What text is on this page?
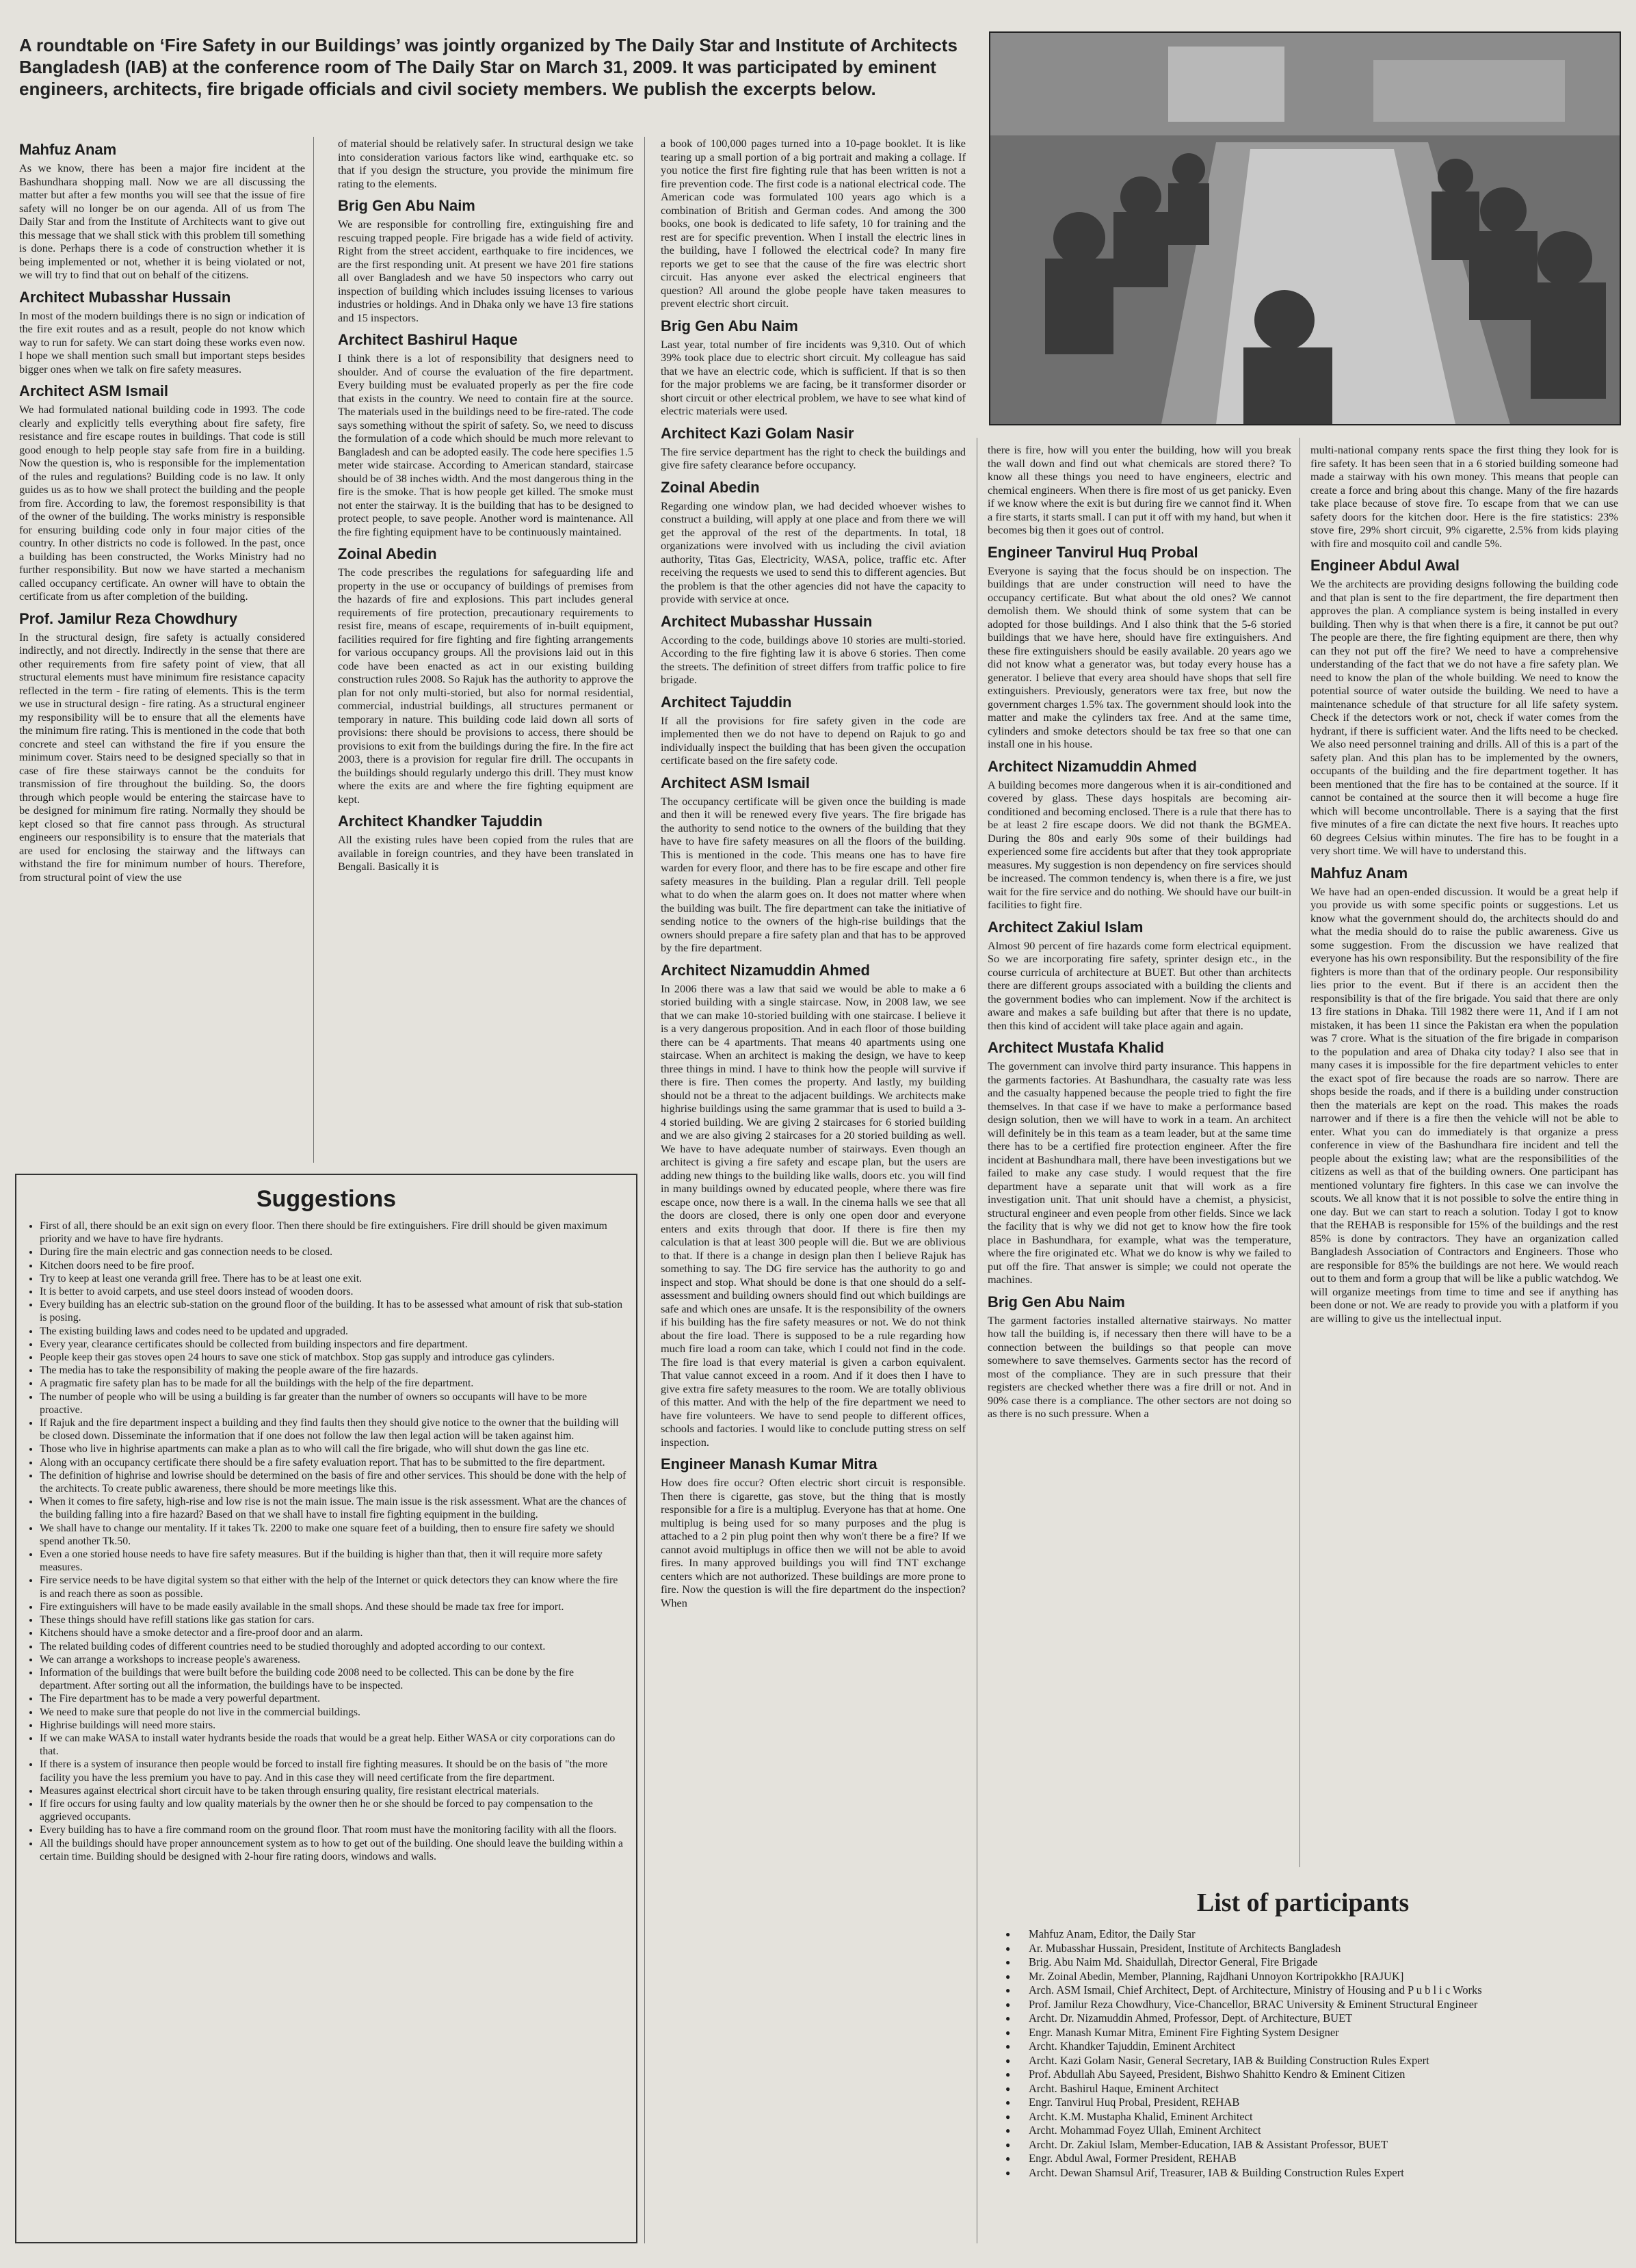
A roundtable on ‘Fire Safety in our Buildings’ was jointly organized by The Daily Star and Institute of Architects Bangladesh (IAB) at the conference room of The Daily Star on March 31, 2009. It was participated by eminent engineers, architects, fire brigade officials and civil society members. We publish the excerpts below.
Mahfuz Anam

As we know, there has been a major fire incident at the Bashundhara shopping mall. Now we are all discussing the matter but after a few months you will see that the issue of fire safety will no longer be on our agenda. All of us from The Daily Star and from the Institute of Architects want to give out this message that we shall stick with this problem till something is done. Perhaps there is a code of construction whether it is being implemented or not, whether it is being violated or not, we will try to find that out on behalf of the citizens.

Architect Mubasshar Hussain

In most of the modern buildings there is no sign or indication of the fire exit routes and as a result, people do not know which way to run for safety. We can start doing these works even now. I hope we shall mention such small but important steps besides bigger ones when we talk on fire safety measures.

Architect ASM Ismail

We had formulated national building code in 1993. The code clearly and explicitly tells everything about fire safety, fire resistance and fire escape routes in buildings. That code is still good enough to help people stay safe from fire in a building. Now the question is, who is responsible for the implementation of the rules and regulations? Building code is no law. It only guides us as to how we shall protect the building and the people from fire. According to law, the foremost responsibility is that of the owner of the building. The works ministry is responsible for ensuring building code only in four major cities of the country. In other districts no code is followed. In the past, once a building has been constructed, the Works Ministry had no further responsibility. But now we have started a mechanism called occupancy certificate. An owner will have to obtain the certificate from us after completion of the building.

Prof. Jamilur Reza Chowdhury

In the structural design, fire safety is actually considered indirectly, and not directly. Indirectly in the sense that there are other requirements from fire safety point of view, that all structural elements must have minimum fire resistance capacity reflected in the term - fire rating of elements. This is the term we use in structural design - fire rating. As a structural engineer my responsibility will be to ensure that all the elements have the minimum fire rating. This is mentioned in the code that both concrete and steel can withstand the fire if you ensure the minimum cover. Stairs need to be designed specially so that in case of fire these stairways cannot be the conduits for transmission of fire throughout the building. So, the doors through which people would be entering the staircase have to be designed for minimum fire rating. Normally they should be kept closed so that fire cannot pass through. As structural engineers our responsibility is to ensure that the materials that are used for enclosing the stairway and the liftways can withstand the fire for minimum number of hours. Therefore, from structural point of view the use

of material should be relatively safer. In structural design we take into consideration various factors like wind, earthquake etc. so that if you design the structure, you provide the minimum fire rating to the elements.

Brig Gen Abu Naim

We are responsible for controlling fire, extinguishing fire and rescuing trapped people. Fire brigade has a wide field of activity. Right from the street accident, earthquake to fire incidences, we are the first responding unit. At present we have 201 fire stations all over Bangladesh and we have 50 inspectors who carry out inspection of building which includes issuing licenses to various industries or holdings. And in Dhaka only we have 13 fire stations and 15 inspectors.

Architect Bashirul Haque

I think there is a lot of responsibility that designers need to shoulder. And of course the evaluation of the fire department. Every building must be evaluated properly as per the fire code that exists in the country. We need to contain fire at the source. The materials used in the buildings need to be fire-rated. The code says something without the spirit of safety. So, we need to discuss the formulation of a code which should be much more relevant to Bangladesh and can be adopted easily. The code here specifies 1.5 meter wide staircase. According to American standard, staircase should be of 38 inches width. And the most dangerous thing in the fire is the smoke. That is how people get killed. The smoke must not enter the stairway. It is the building that has to be designed to protect people, to save people. Another word is maintenance. All the fire fighting equipment have to be continuously maintained.

Zoinal Abedin

The code prescribes the regulations for safeguarding life and property in the use or occupancy of buildings of premises from the hazards of fire and explosions. This part includes general requirements of fire protection, precautionary requirements to resist fire, means of escape, requirements of in-built equipment, facilities required for fire fighting and fire fighting arrangements for various occupancy groups. All the provisions laid out in this code have been enacted as act in our existing building construction rules 2008. So Rajuk has the authority to approve the plan for not only multi-storied, but also for normal residential, commercial, industrial buildings, all structures permanent or temporary in nature. This building code laid down all sorts of provisions: there should be provisions to access, there should be provisions to exit from the buildings during the fire. In the fire act 2003, there is a provision for regular fire drill. The occupants in the buildings should regularly undergo this drill. They must know where the exits are and where the fire fighting equipment are kept.

Architect Khandker Tajuddin

All the existing rules have been copied from the rules that are available in foreign countries, and they have been translated in Bengali. Basically it is

a book of 100,000 pages turned into a 10-page booklet. It is like tearing up a small portion of a big portrait and making a collage. If you notice the first fire fighting rule that has been written is not a fire prevention code. The first code is a national electrical code. The American code was formulated 100 years ago which is a combination of British and German codes. And among the 300 books, one book is dedicated to life safety, 10 for training and the rest are for specific prevention. When I install the electric lines in the building, have I followed the electrical code? In many fire reports we get to see that the cause of the fire was electric short circuit. Has anyone ever asked the electrical engineers that question? All around the globe people have taken measures to prevent electric short circuit.

Brig Gen Abu Naim

Last year, total number of fire incidents was 9,310. Out of which 39% took place due to electric short circuit. My colleague has said that we have an electric code, which is sufficient. If that is so then for the major problems we are facing, be it transformer disorder or short circuit or other electrical problem, we have to see what kind of electric materials were used.

Architect Kazi Golam Nasir

The fire service department has the right to check the buildings and give fire safety clearance before occupancy.

Zoinal Abedin

Regarding one window plan, we had decided whoever wishes to construct a building, will apply at one place and from there we will get the approval of the rest of the departments. In total, 18 organizations were involved with us including the civil aviation authority, Titas Gas, Electricity, WASA, police, traffic etc. After receiving the requests we used to send this to different agencies. But the problem is that the other agencies did not have the capacity to provide with service at once.

Architect Mubasshar Hussain

According to the code, buildings above 10 stories are multi-storied. According to the fire fighting law it is above 6 stories. Then come the streets. The definition of street differs from traffic police to fire brigade.

Architect Tajuddin

If all the provisions for fire safety given in the code are implemented then we do not have to depend on Rajuk to go and individually inspect the building that has been given the occupation certificate based on the fire safety code.

Architect ASM Ismail

The occupancy certificate will be given once the building is made and then it will be renewed every five years. The fire brigade has the authority to send notice to the owners of the building that they have to have fire safety measures on all the floors of the building. This is mentioned in the code. This means one has to have fire warden for every floor, and there has to be fire escape and other fire safety measures in the building. Plan a regular drill. Tell people what to do when the alarm goes on. It does not matter where when the building was built. The fire department can take the initiative of sending notice to the owners of the high-rise buildings that the owners should prepare a fire safety plan and that has to be approved by the fire department.

Architect Nizamuddin Ahmed

In 2006 there was a law that said we would be able to make a 6 storied building with a single staircase. Now, in 2008 law, we see that we can make 10-storied building with one staircase. I believe it is a very dangerous proposition. And in each floor of those building there can be 4 apartments. That means 40 apartments using one staircase. When an architect is making the design, we have to keep three things in mind. I have to think how the people will survive if there is fire. Then comes the property. And lastly, my building should not be a threat to the adjacent buildings. We architects make highrise buildings using the same grammar that is used to build a 3-4 storied building. We are giving 2 staircases for 6 storied building and we are also giving 2 staircases for a 20 storied building as well. We have to have adequate number of stairways. Even though an architect is giving a fire safety and escape plan, but the users are adding new things to the building like walls, doors etc. you will find in many buildings owned by educated people, where there was fire escape once, now there is a wall. In the cinema halls we see that all the doors are closed, there is only one open door and everyone enters and exits through that door. If there is fire then my calculation is that at least 300 people will die. But we are oblivious to that. If there is a change in design plan then I believe Rajuk has something to say. The DG fire service has the authority to go and inspect and stop. What should be done is that one should do a self-assessment and building owners should find out which buildings are safe and which ones are unsafe. It is the responsibility of the owners if his building has the fire safety measures or not. We do not think about the fire load. There is supposed to be a rule regarding how much fire load a room can take, which I could not find in the code. The fire load is that every material is given a carbon equivalent. That value cannot exceed in a room. And if it does then I have to give extra fire safety measures to the room. We are totally oblivious of this matter. And with the help of the fire department we need to have fire volunteers. We have to send people to different offices, schools and factories. I would like to conclude putting stress on self inspection.

Engineer Manash Kumar Mitra

How does fire occur? Often electric short circuit is responsible. Then there is cigarette, gas stove, but the thing that is mostly responsible for a fire is a multiplug. Everyone has that at home. One multiplug is being used for so many purposes and the plug is attached to a 2 pin plug point then why won't there be a fire? If we cannot avoid multiplugs in office then we will not be able to avoid fires. In many approved buildings you will find TNT exchange centers which are not authorized. These buildings are more prone to fire. Now the question is will the fire department do the inspection? When

there is fire, how will you enter the building, how will you break the wall down and find out what chemicals are stored there? To know all these things you need to have engineers, electric and chemical engineers. When there is fire most of us get panicky. Even if we know where the exit is but during fire we cannot find it. When a fire starts, it starts small. I can put it off with my hand, but when it becomes big then it goes out of control.

Engineer Tanvirul Huq Probal

Everyone is saying that the focus should be on inspection. The buildings that are under construction will need to have the occupancy certificate. But what about the old ones? We cannot demolish them. We should think of some system that can be adopted for those buildings. And I also think that the 5-6 storied buildings that we have here, should have fire extinguishers. And these fire extinguishers should be easily available. 20 years ago we did not know what a generator was, but today every house has a generator. I believe that every area should have shops that sell fire extinguishers. Previously, generators were tax free, but now the government charges 1.5% tax. The government should look into the matter and make the cylinders tax free. And at the same time, cylinders and smoke detectors should be tax free so that one can install one in his house.

Architect Nizamuddin Ahmed

A building becomes more dangerous when it is air-conditioned and covered by glass. These days hospitals are becoming air-conditioned and becoming enclosed. There is a rule that there has to be at least 2 fire escape doors. We did not thank the BGMEA. During the 80s and early 90s some of their buildings had experienced some fire accidents but after that they took appropriate measures. My suggestion is non dependency on fire services should be increased. The common tendency is, when there is a fire, we just wait for the fire service and do nothing. We should have our built-in facilities to fight fire.

Architect Zakiul Islam

Almost 90 percent of fire hazards come form electrical equipment. So we are incorporating fire safety, sprinter design etc., in the course curricula of architecture at BUET. But other than architects there are different groups associated with a building the clients and the government bodies who can implement. Now if the architect is aware and makes a safe building but after that there is no update, then this kind of accident will take place again and again.

Architect Mustafa Khalid

The government can involve third party insurance. This happens in the garments factories. At Bashundhara, the casualty rate was less and the casualty happened because the people tried to fight the fire themselves. In that case if we have to make a performance based design solution, then we will have to work in a team. An architect will definitely be in this team as a team leader, but at the same time there has to be a certified fire protection engineer. After the fire incident at Bashundhara mall, there have been investigations but we failed to make any case study. I would request that the fire department have a separate unit that will work as a fire investigation unit. That unit should have a chemist, a physicist, structural engineer and even people from other fields. Since we lack the facility that is why we did not get to know how the fire took place in Bashundhara, for example, what was the temperature, where the fire originated etc. What we do know is why we failed to put off the fire. That answer is simple; we could not operate the machines.

Brig Gen Abu Naim

The garment factories installed alternative stairways. No matter how tall the building is, if necessary then there will have to be a connection between the buildings so that people can move somewhere to save themselves. Garments sector has the record of most of the compliance. They are in such pressure that their registers are checked whether there was a fire drill or not. And in 90% case there is a compliance. The other sectors are not doing so as there is no such pressure. When a

multi-national company rents space the first thing they look for is fire safety. It has been seen that in a 6 storied building someone had made a stairway with his own money. This means that people can create a force and bring about this change. Many of the fire hazards take place because of stove fire. To escape from that we can use safety doors for the kitchen door. Here is the fire statistics: 23% stove fire, 29% short circuit, 9% cigarette, 2.5% from kids playing with fire and mosquito coil and candle 5%.

Engineer Abdul Awal

We the architects are providing designs following the building code and that plan is sent to the fire department, the fire department then approves the plan. A compliance system is being installed in every building. Then why is that when there is a fire, it cannot be put out? The people are there, the fire fighting equipment are there, then why can they not put off the fire? We need to have a comprehensive understanding of the fact that we do not have a fire safety plan. We need to know the plan of the whole building. We need to know the potential source of water outside the building. We need to have a maintenance schedule of that structure for all life safety system. Check if the detectors work or not, check if water comes from the hydrant, if there is sufficient water. And the lifts need to be checked. We also need personnel training and drills. All of this is a part of the safety plan. And this plan has to be implemented by the owners, occupants of the building and the fire department together. It has been mentioned that the fire has to be contained at the source. If it cannot be contained at the source then it will become a huge fire which will become uncontrollable. There is a saying that the first five minutes of a fire can dictate the next five hours. It reaches upto 60 degrees Celsius within minutes. The fire has to be fought in a very short time. We will have to understand this.

Mahfuz Anam

We have had an open-ended discussion. It would be a great help if you provide us with some specific points or suggestions. Let us know what the government should do, the architects should do and what the media should do to raise the public awareness. Give us some suggestion. From the discussion we have realized that everyone has his own responsibility. But the responsibility of the fire fighters is more than that of the ordinary people. Our responsibility lies prior to the event. But if there is an accident then the responsibility is that of the fire brigade. You said that there are only 13 fire stations in Dhaka. Till 1982 there were 11, And if I am not mistaken, it has been 11 since the Pakistan era when the population was 7 crore. What is the situation of the fire brigade in comparison to the population and area of Dhaka city today? I also see that in many cases it is impossible for the fire department vehicles to enter the exact spot of fire because the roads are so narrow. There are shops beside the roads, and if there is a building under construction then the materials are kept on the road. This makes the roads narrower and if there is a fire then the vehicle will not be able to enter. What you can do immediately is that organize a press conference in view of the Bashundhara fire incident and tell the people about the existing law; what are the responsibilities of the citizens as well as that of the building owners. One participant has mentioned voluntary fire fighters. In this case we can involve the scouts. We all know that it is not possible to solve the entire thing in one day. But we can start to reach a solution. Today I got to know that the REHAB is responsible for 15% of the buildings and the rest 85% is done by contractors. They have an organization called Bangladesh Association of Contractors and Engineers. Those who are responsible for 85% the buildings are not here. We would reach out to them and form a group that will be like a public watchdog. We will organize meetings from time to time and see if anything has been done or not. We are ready to provide you with a platform if you are willing to give us the intellectual input.

Suggestions
• First of all, there should be an exit sign on every floor. Then there should be fire extinguishers. Fire drill should be given maximum priority and we have to have fire hydrants.
• During fire the main electric and gas connection needs to be closed.
• Kitchen doors need to be fire proof.
• Try to keep at least one veranda grill free. There has to be at least one exit.
• It is better to avoid carpets, and use steel doors instead of wooden doors.
• Every building has an electric sub-station on the ground floor of the building. It has to be assessed what amount of risk that sub-station is posing.
• The existing building laws and codes need to be updated and upgraded.
• Every year, clearance certificates should be collected from building inspectors and fire department.
• People keep their gas stoves open 24 hours to save one stick of matchbox. Stop gas supply and introduce gas cylinders.
• The media has to take the responsibility of making the people aware of the fire hazards.
• A pragmatic fire safety plan has to be made for all the buildings with the help of the fire department.
• The number of people who will be using a building is far greater than the number of owners so occupants will have to be more proactive.
• If Rajuk and the fire department inspect a building and they find faults then they should give notice to the owner that the building will be closed down. Disseminate the information that if one does not follow the law then legal action will be taken against him.
• Those who live in highrise apartments can make a plan as to who will call the fire brigade, who will shut down the gas line etc.
• Along with an occupancy certificate there should be a fire safety evaluation report. That has to be submitted to the fire department.
• The definition of highrise and lowrise should be determined on the basis of fire and other services. This should be done with the help of the architects. To create public awareness, there should be more meetings like this.
• When it comes to fire safety, high-rise and low rise is not the main issue. The main issue is the risk assessment. What are the chances of the building falling into a fire hazard? Based on that we shall have to install fire fighting equipment in the building.
• We shall have to change our mentality. If it takes Tk. 2200 to make one square feet of a building, then to ensure fire safety we should spend another Tk.50.
• Even a one storied house needs to have fire safety measures. But if the building is higher than that, then it will require more safety measures.
• Fire service needs to be have digital system so that either with the help of the Internet or quick detectors they can know where the fire is and reach there as soon as possible.
• Fire extinguishers will have to be made easily available in the small shops. And these should be made tax free for import.
• These things should have refill stations like gas station for cars.
• Kitchens should have a smoke detector and a fire-proof door and an alarm.
• The related building codes of different countries need to be studied thoroughly and adopted according to our context.
• We can arrange a workshops to increase people's awareness.
• Information of the buildings that were built before the building code 2008 need to be collected. This can be done by the fire department. After sorting out all the information, the buildings have to be inspected.
• The Fire department has to be made a very powerful department.
• We need to make sure that people do not live in the commercial buildings.
• Highrise buildings will need more stairs.
• If we can make WASA to install water hydrants beside the roads that would be a great help. Either WASA or city corporations can do that.
• If there is a system of insurance then people would be forced to install fire fighting measures. It should be on the basis of "the more facility you have the less premium you have to pay. And in this case they will need certificate from the fire department.
• Measures against electrical short circuit have to be taken through ensuring quality, fire resistant electrical materials.
• If fire occurs for using faulty and low quality materials by the owner then he or she should be forced to pay compensation to the aggrieved occupants.
• Every building has to have a fire command room on the ground floor. That room must have the monitoring facility with all the floors.
• All the buildings should have proper announcement system as to how to get out of the building. One should leave the building within a certain time. Building should be designed with 2-hour fire rating doors, windows and walls.
List of participants
● Mahfuz Anam, Editor, the Daily Star
● Ar. Mubasshar Hussain, President, Institute of Architects Bangladesh
● Brig. Abu Naim Md. Shaidullah, Director General, Fire Brigade
● Mr. Zoinal Abedin, Member, Planning, Rajdhani Unnoyon Kortripokkho [RAJUK]
● Arch. ASM Ismail, Chief Architect, Dept. of Architecture, Ministry of Housing and P u b l i c Works
● Prof. Jamilur Reza Chowdhury, Vice-Chancellor, BRAC University & Eminent Structural Engineer
● Archt. Dr. Nizamuddin Ahmed, Professor, Dept. of Architecture, BUET
● Engr. Manash Kumar Mitra, Eminent Fire Fighting System Designer
● Archt. Khandker Tajuddin, Eminent Architect
● Archt. Kazi Golam Nasir, General Secretary, IAB & Building Construction Rules Expert
● Prof. Abdullah Abu Sayeed, President, Bishwo Shahitto Kendro & Eminent Citizen
● Archt. Bashirul Haque, Eminent Architect
● Engr. Tanvirul Huq Probal, President, REHAB
● Archt. K.M. Mustapha Khalid, Eminent Architect
● Archt. Mohammad Foyez Ullah, Eminent Architect
● Archt. Dr. Zakiul Islam, Member-Education, IAB & Assistant Professor, BUET
● Engr. Abdul Awal, Former President, REHAB
● Archt. Dewan Shamsul Arif, Treasurer, IAB & Building Construction Rules Expert
